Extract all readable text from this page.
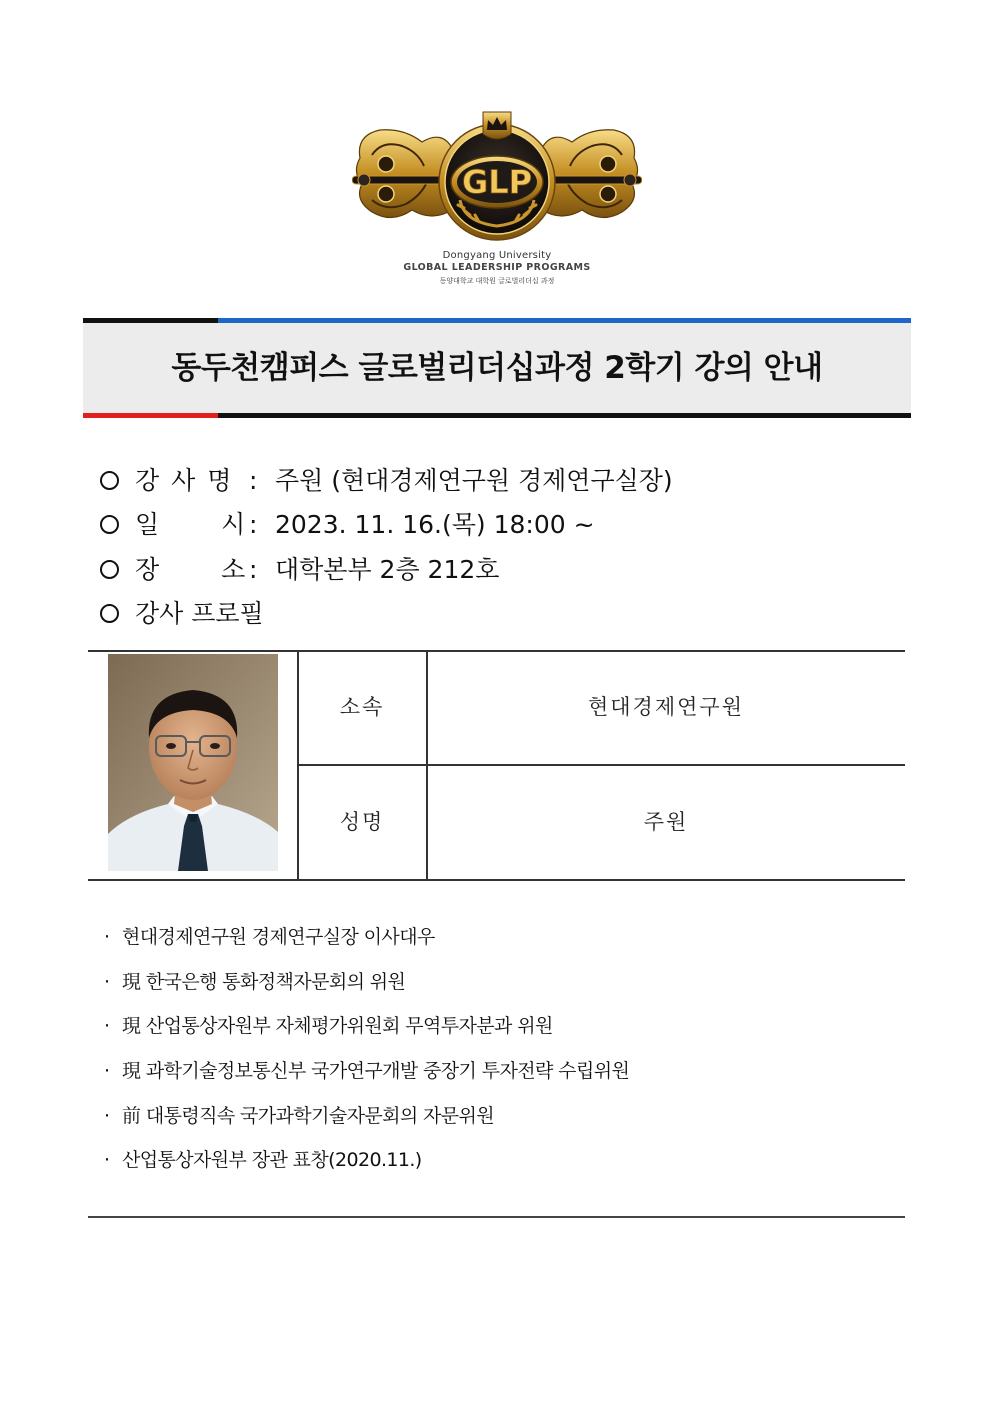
GLP
Dongyang University
GLOBAL LEADERSHIP PROGRAMS
동양대학교 대학원 글로벌리더십 과정
동두천캠퍼스 글로벌리더십과정 2학기 강의 안내
강 사 명 : 주원 (현대경제연구원 경제연구실장)
일 시 : 2023. 11. 16.(목) 18:00 ~
장 소 : 대학본부 2층 212호
강사 프로필
소속	현대경제연구원
성명	주원
· 현대경제연구원 경제연구실장 이사대우
· 現 한국은행 통화정책자문회의 위원
· 現 산업통상자원부 자체평가위원회 무역투자분과 위원
· 現 과학기술정보통신부 국가연구개발 중장기 투자전략 수립위원
· 前 대통령직속 국가과학기술자문회의 자문위원
· 산업통상자원부 장관 표창(2020.11.)
